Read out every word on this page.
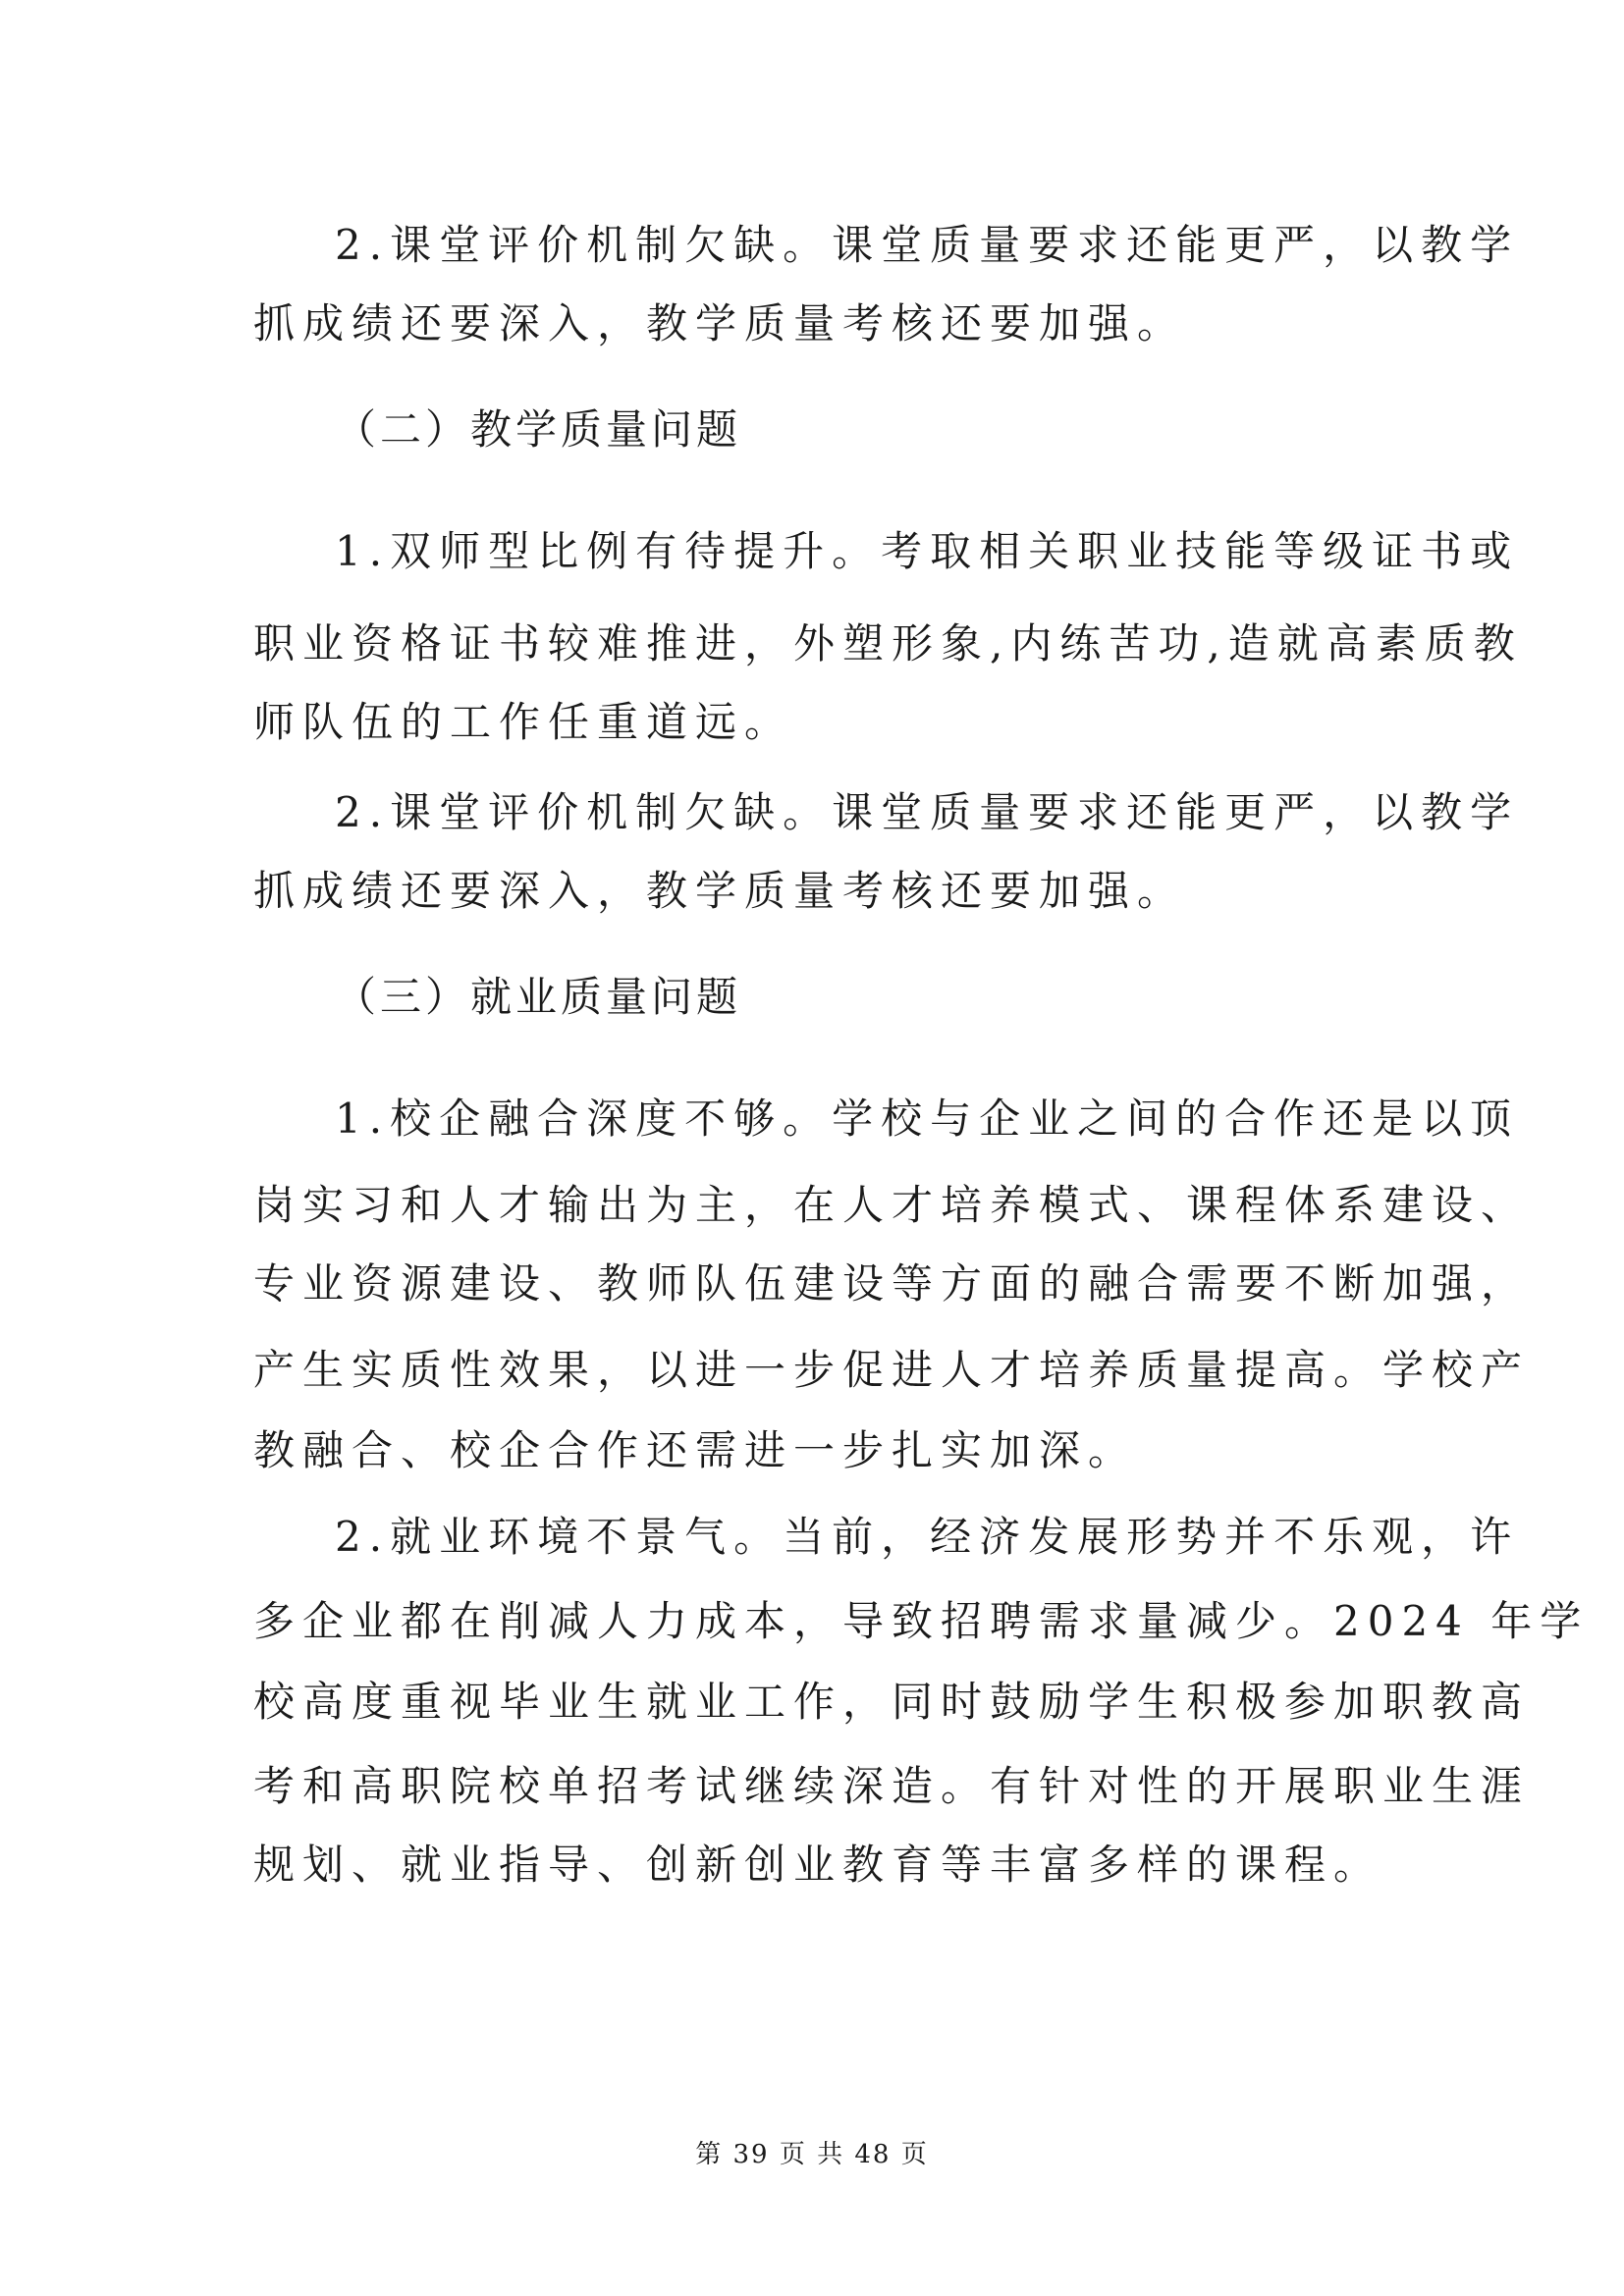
2.课堂评价机制欠缺。课堂质量要求还能更严，以教学
抓成绩还要深入，教学质量考核还要加强。
（二）教学质量问题
1.双师型比例有待提升。考取相关职业技能等级证书或
职业资格证书较难推进，外塑形象,内练苦功,造就高素质教
师队伍的工作任重道远。
2.课堂评价机制欠缺。课堂质量要求还能更严，以教学
抓成绩还要深入，教学质量考核还要加强。
（三）就业质量问题
1.校企融合深度不够。学校与企业之间的合作还是以顶
岗实习和人才输出为主，在人才培养模式、课程体系建设、
专业资源建设、教师队伍建设等方面的融合需要不断加强，
产生实质性效果，以进一步促进人才培养质量提高。学校产
教融合、校企合作还需进一步扎实加深。
2.就业环境不景气。当前，经济发展形势并不乐观，许
多企业都在削减人力成本，导致招聘需求量减少。2024 年学
校高度重视毕业生就业工作，同时鼓励学生积极参加职教高
考和高职院校单招考试继续深造。有针对性的开展职业生涯
规划、就业指导、创新创业教育等丰富多样的课程。
第 39 页 共 48 页
